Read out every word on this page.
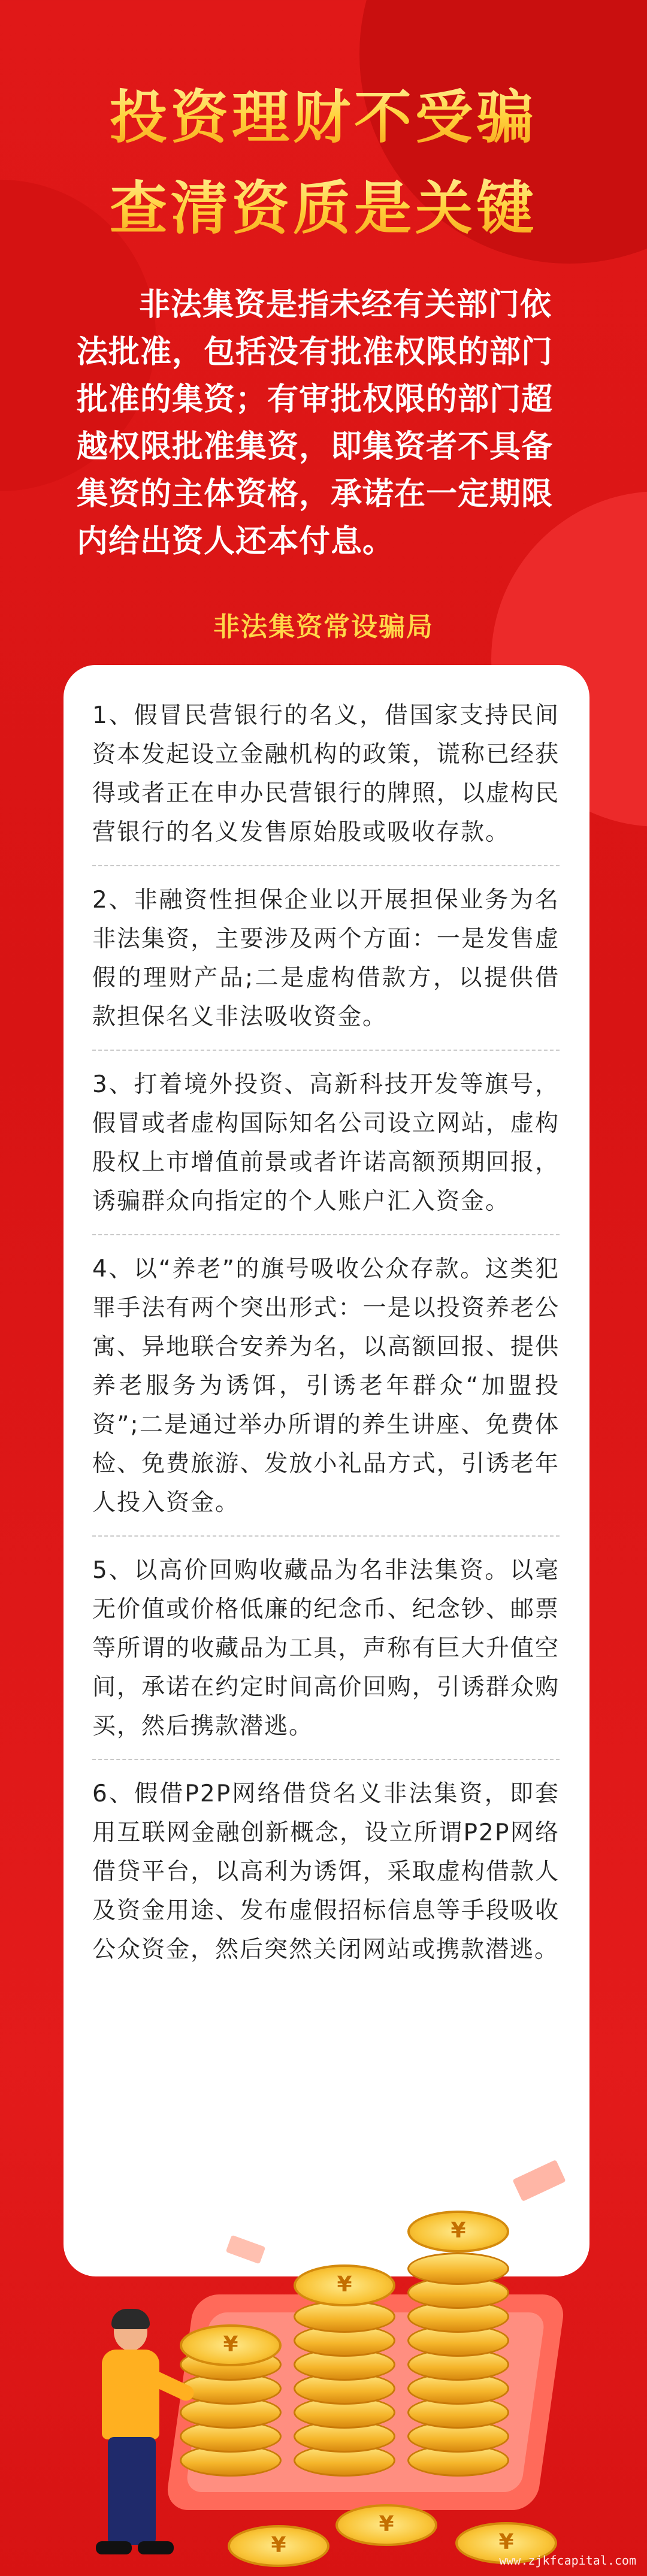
投资理财不受骗
查清资质是关键
非法集资是指未经有关部门依法批准，包括没有批准权限的部门批准的集资；有审批权限的部门超越权限批准集资，即集资者不具备集资的主体资格，承诺在一定期限内给出资人还本付息。
非法集资常设骗局
1、假冒民营银行的名义，借国家支持民间资本发起设立金融机构的政策，谎称已经获得或者正在申办民营银行的牌照，以虚构民营银行的名义发售原始股或吸收存款。
2、非融资性担保企业以开展担保业务为名非法集资，主要涉及两个方面：一是发售虚假的理财产品;二是虚构借款方，以提供借款担保名义非法吸收资金。
3、打着境外投资、高新科技开发等旗号，假冒或者虚构国际知名公司设立网站，虚构股权上市增值前景或者许诺高额预期回报，诱骗群众向指定的个人账户汇入资金。
4、以“养老”的旗号吸收公众存款。这类犯罪手法有两个突出形式：一是以投资养老公寓、异地联合安养为名，以高额回报、提供养老服务为诱饵，引诱老年群众“加盟投资”;二是通过举办所谓的养生讲座、免费体检、免费旅游、发放小礼品方式，引诱老年人投入资金。
5、以高价回购收藏品为名非法集资。以毫无价值或价格低廉的纪念币、纪念钞、邮票等所谓的收藏品为工具，声称有巨大升值空间，承诺在约定时间高价回购，引诱群众购买，然后携款潜逃。
6、假借P2P网络借贷名义非法集资，即套用互联网金融创新概念，设立所谓P2P网络借贷平台，以高利为诱饵，采取虚构借款人及资金用途、发布虚假招标信息等手段吸收公众资金，然后突然关闭网站或携款潜逃。
¥
¥
¥
¥
¥
¥
www.zjkfcapital.com
